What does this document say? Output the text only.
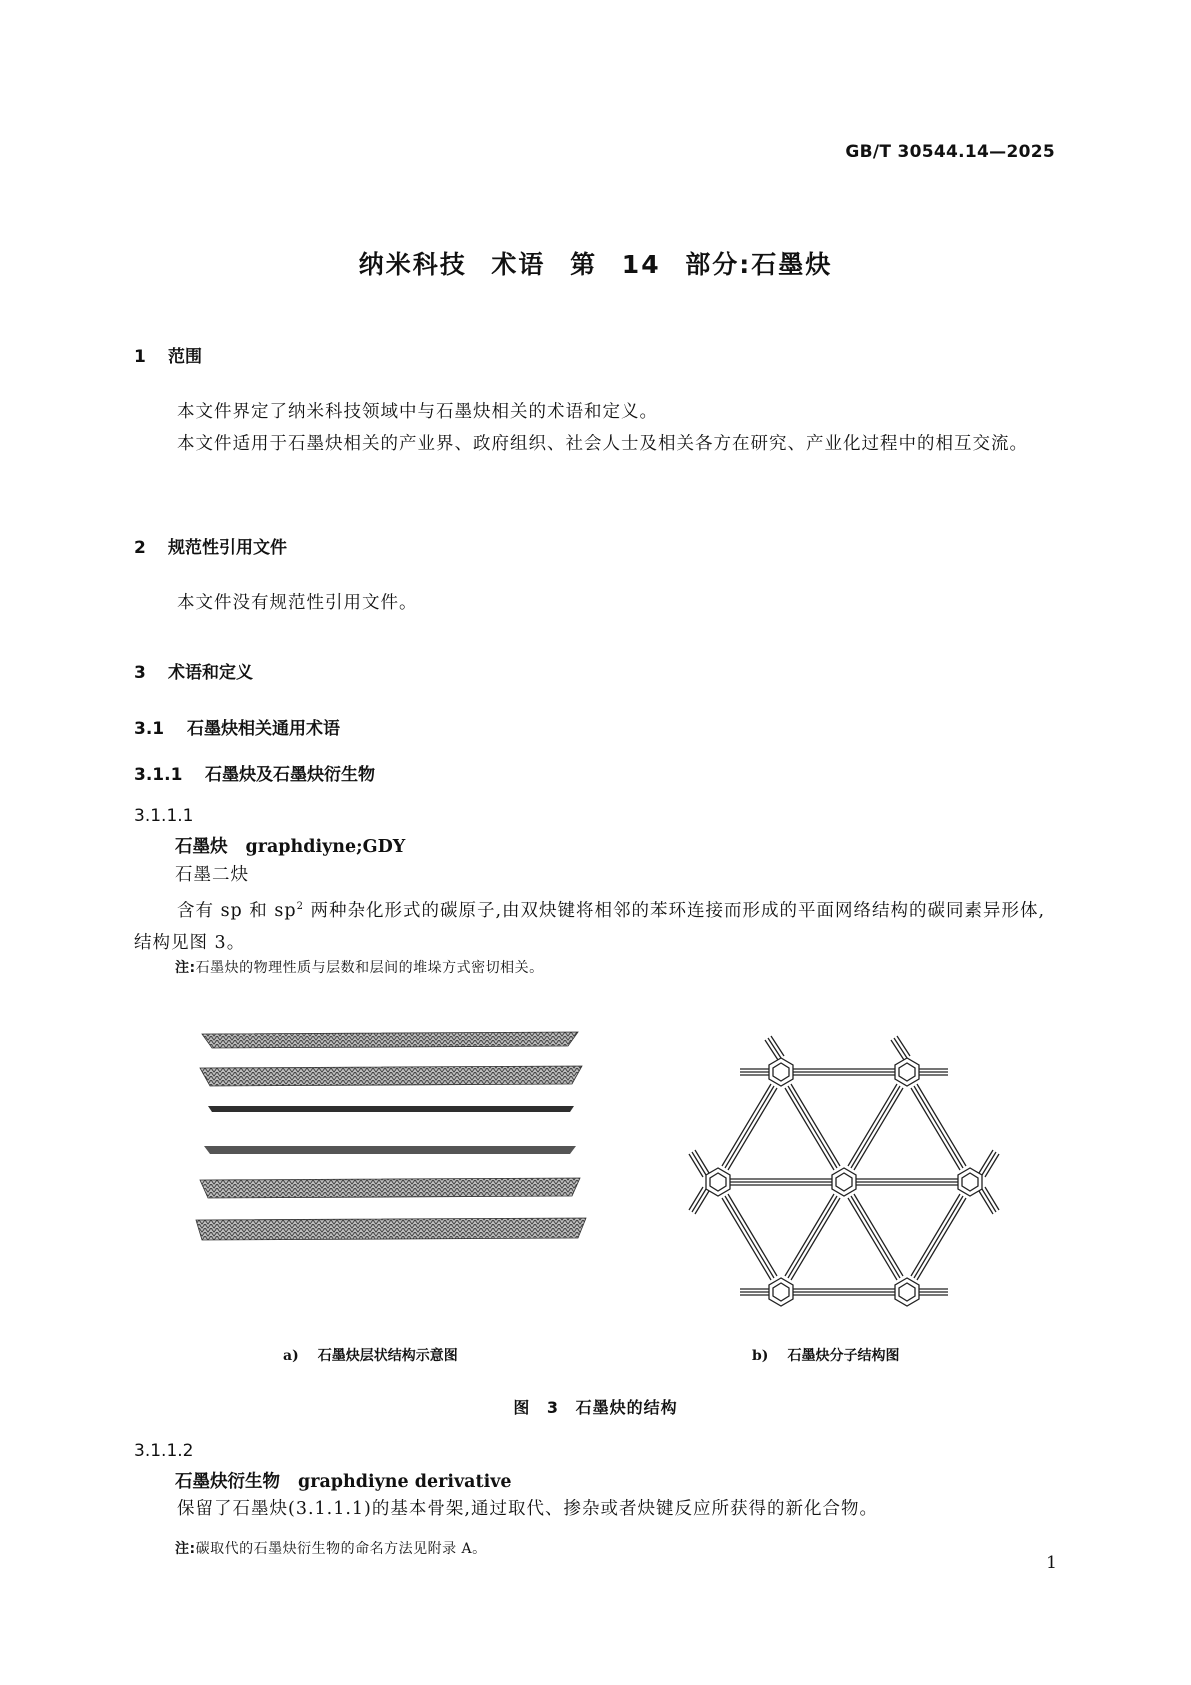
GB/T 30544.14—2025
纳米科技 术语 第 14 部分:石墨炔
1 范围
本文件界定了纳米科技领域中与石墨炔相关的术语和定义。
本文件适用于石墨炔相关的产业界、政府组织、社会人士及相关各方在研究、产业化过程中的相互交流。
2 规范性引用文件
本文件没有规范性引用文件。
3 术语和定义
3.1 石墨炔相关通用术语
3.1.1 石墨炔及石墨炔衍生物
3.1.1.1
石墨炔 graphdiyne;GDY
石墨二炔
含有 sp 和 $sp^2$ 两种杂化形式的碳原子,由双炔键将相邻的苯环连接而形成的平面网络结构的碳同素异形体,结构见图 3。
注:石墨炔的物理性质与层数和层间的堆垛方式密切相关。
a) 石墨炔层状结构示意图	b) 石墨炔分子结构图
图 3 石墨炔的结构
3.1.1.2
石墨炔衍生物 graphdiyne derivative
保留了石墨炔(3.1.1.1)的基本骨架,通过取代、掺杂或者炔键反应所获得的新化合物。
注:碳取代的石墨炔衍生物的命名方法见附录 A。
1
